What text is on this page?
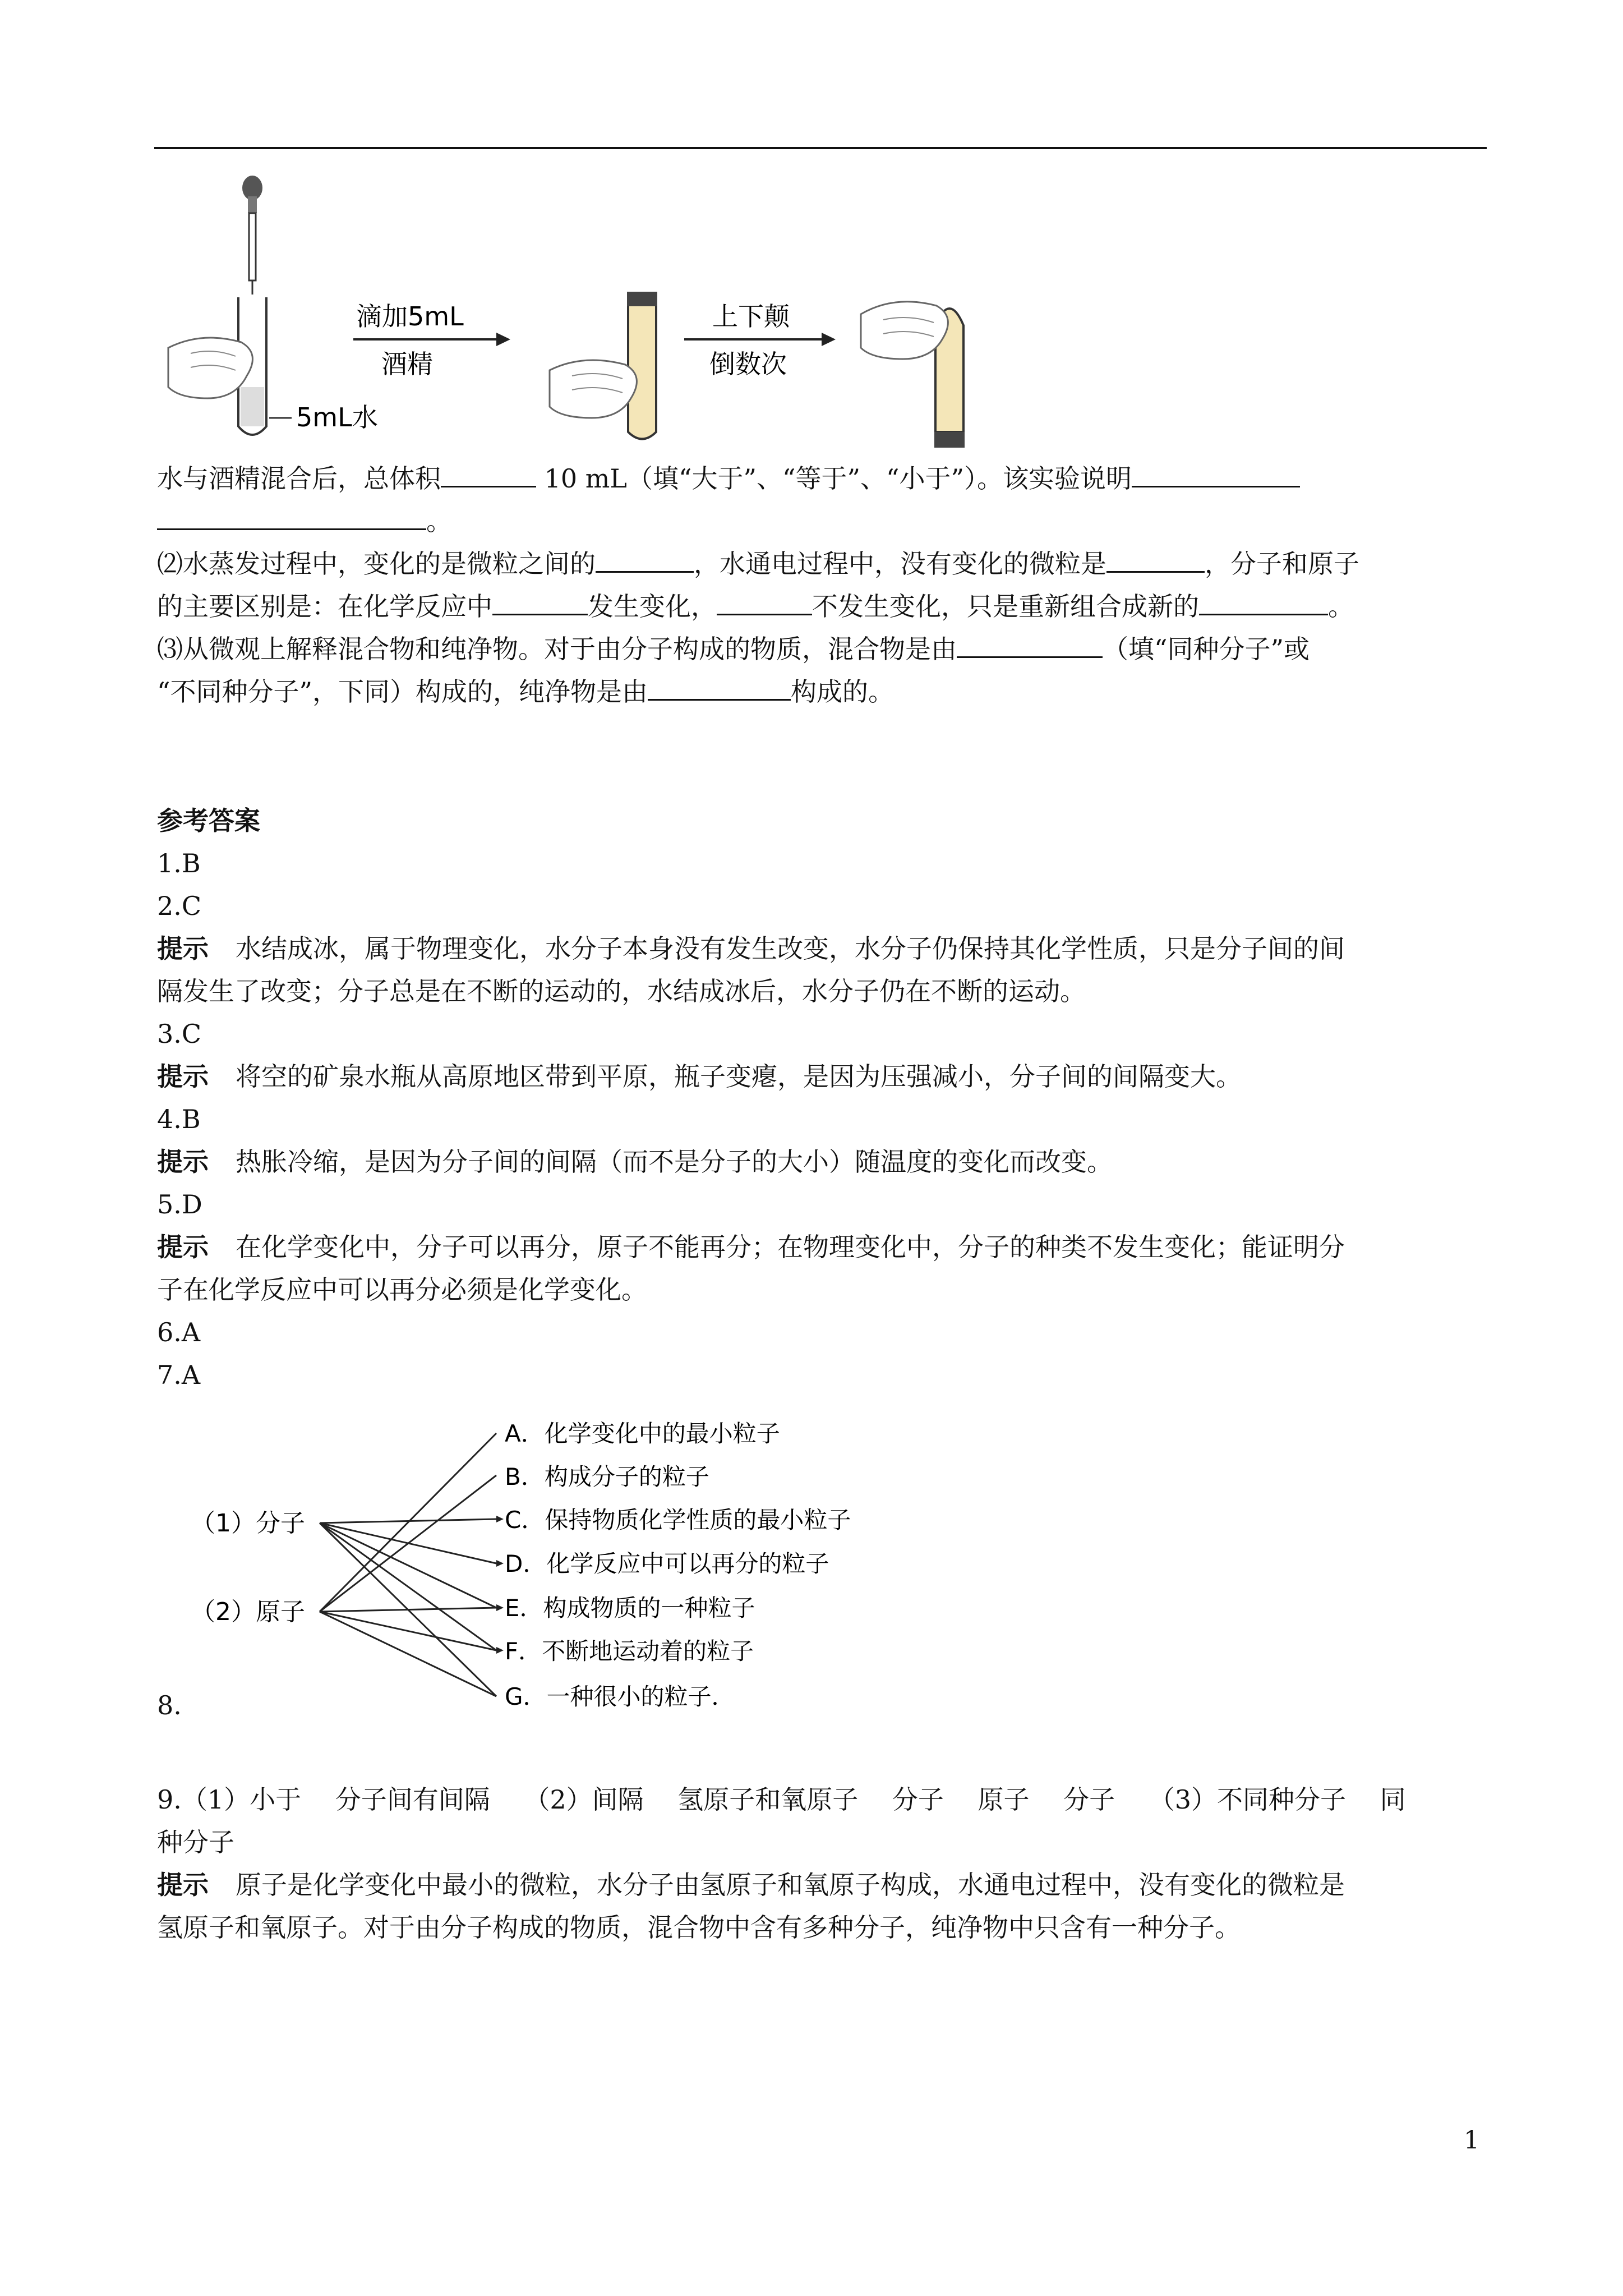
5mL水
滴加5mL
酒精
上下颠
倒数次
水与酒精混合后，总体积	10 mL（填“大于”、“等于”、“小于”）。该实验说明
。
⑵水蒸发过程中，变化的是微粒之间的	，水通电过程中，没有变化的微粒是	，分子和原子
的主要区别是：在化学反应中	发生变化，	不发生变化，只是重新组合成新的	。
⑶从微观上解释混合物和纯净物。对于由分子构成的物质，混合物是由	（填“同种分子”或
“不同种分子”，下同）构成的，纯净物是由	构成的。
参考答案
1.B
2.C
提示 水结成冰，属于物理变化，水分子本身没有发生改变，水分子仍保持其化学性质，只是分子间的间
隔发生了改变；分子总是在不断的运动的，水结成冰后，水分子仍在不断的运动。
3.C
提示 将空的矿泉水瓶从高原地区带到平原，瓶子变瘪，是因为压强减小，分子间的间隔变大。
4.B
提示 热胀冷缩，是因为分子间的间隔（而不是分子的大小）随温度的变化而改变。
5.D
提示 在化学变化中，分子可以再分，原子不能再分；在物理变化中，分子的种类不发生变化；能证明分
子在化学反应中可以再分必须是化学变化。
6.A
7.A
（1）分子
（2）原子
A．化学变化中的最小粒子
B．构成分子的粒子
C．保持物质化学性质的最小粒子
D．化学反应中可以再分的粒子
E．构成物质的一种粒子
F．不断地运动着的粒子
G．一种很小的粒子．
8.
9.（1）小于　 分子间有间隔　 （2）间隔　 氢原子和氧原子　 分子　 原子　 分子　 （3）不同种分子　 同
种分子
提示 原子是化学变化中最小的微粒，水分子由氢原子和氧原子构成，水通电过程中，没有变化的微粒是
氢原子和氧原子。对于由分子构成的物质，混合物中含有多种分子，纯净物中只含有一种分子。
1
